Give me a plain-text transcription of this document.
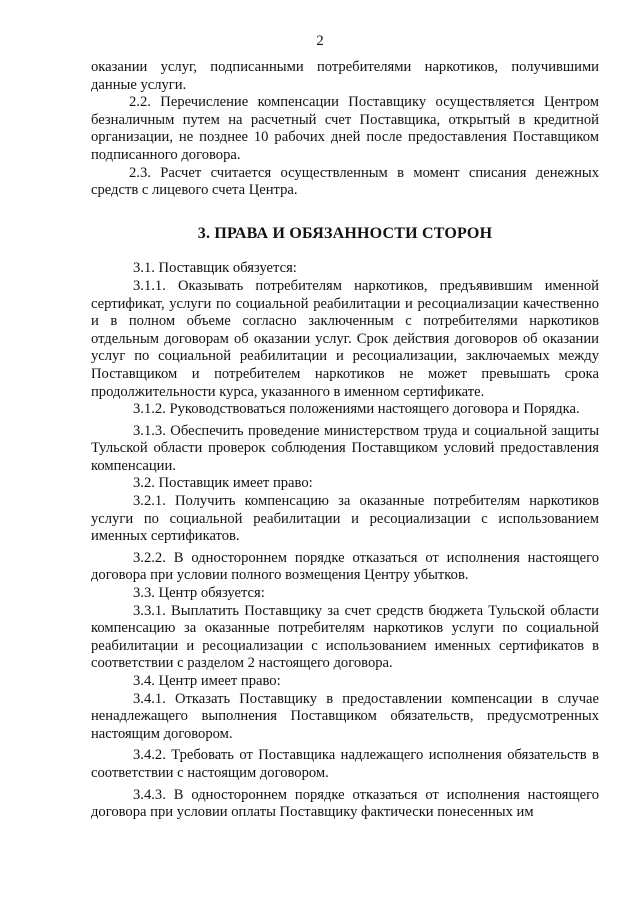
2

оказании услуг, подписанными потребителями наркотиков, получившими данные услуги.

2.2. Перечисление компенсации Поставщику осуществляется Центром безналичным путем на расчетный счет Поставщика, открытый в кредитной организации, не позднее 10 рабочих дней после предоставления Поставщиком подписанного договора.

2.3. Расчет считается осуществленным в момент списания денежных средств с лицевого счета Центра.

3. ПРАВА И ОБЯЗАННОСТИ СТОРОН

3.1. Поставщик обязуется:

3.1.1. Оказывать потребителям наркотиков, предъявившим именной сертификат, услуги по социальной реабилитации и ресоциализации качественно и в полном объеме согласно заключенным с потребителями наркотиков отдельным договорам об оказании услуг. Срок действия договоров об оказании услуг по социальной реабилитации и ресоциализации, заключаемых между Поставщиком и потребителем наркотиков не может превышать срока продолжительности курса, указанного в именном сертификате.

3.1.2. Руководствоваться положениями настоящего договора и Порядка.

3.1.3. Обеспечить проведение министерством труда и социальной защиты Тульской области проверок соблюдения Поставщиком условий предоставления компенсации.

3.2. Поставщик имеет право:

3.2.1. Получить компенсацию за оказанные потребителям наркотиков услуги по социальной реабилитации и ресоциализации с использованием именных сертификатов.

3.2.2. В одностороннем порядке отказаться от исполнения настоящего договора при условии полного возмещения Центру убытков.

3.3. Центр обязуется:

3.3.1. Выплатить Поставщику за счет средств бюджета Тульской области компенсацию за оказанные потребителям наркотиков услуги по социальной реабилитации и ресоциализации с использованием именных сертификатов в соответствии с разделом 2 настоящего договора.

3.4. Центр имеет право:

3.4.1. Отказать Поставщику в предоставлении компенсации в случае ненадлежащего выполнения Поставщиком обязательств, предусмотренных настоящим договором.

3.4.2. Требовать от Поставщика надлежащего исполнения обязательств в соответствии с настоящим договором.

3.4.3. В одностороннем порядке отказаться от исполнения настоящего договора при условии оплаты Поставщику фактически понесенных им
